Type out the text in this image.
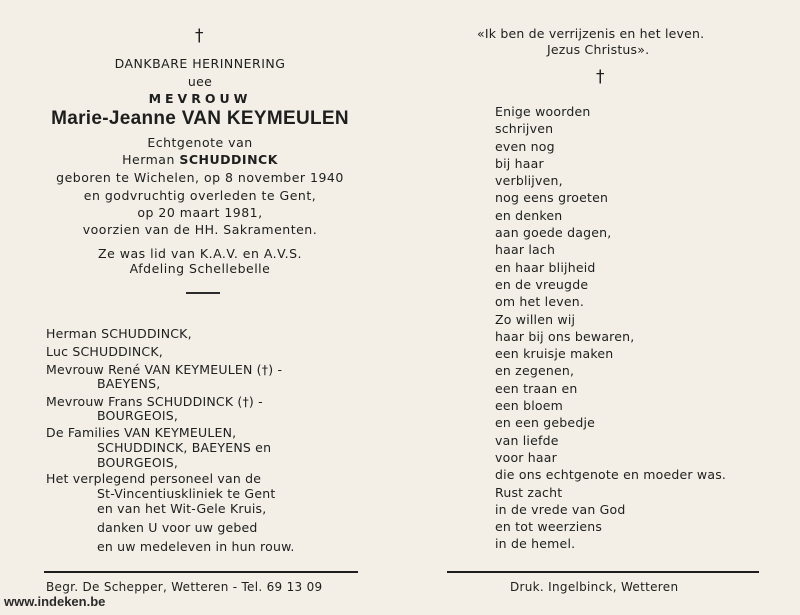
†
DANKBARE HERINNERING
uee
MEVROUW
Marie-Jeanne VAN KEYMEULEN
Echtgenote van
Herman SCHUDDINCK
geboren te Wichelen, op 8 november 1940
en godvruchtig overleden te Gent,
op 20 maart 1981,
voorzien van de HH. Sakramenten.
Ze was lid van K.A.V. en A.V.S.
Afdeling Schellebelle
Herman SCHUDDINCK,
Luc SCHUDDINCK,
Mevrouw René VAN KEYMEULEN (†) -
BAEYENS,
Mevrouw Frans SCHUDDINCK (†) -
BOURGEOIS,
De Families VAN KEYMEULEN,
SCHUDDINCK, BAEYENS en
BOURGEOIS,
Het verplegend personeel van de
St-Vincentiuskliniek te Gent
en van het Wit-Gele Kruis,
danken U voor uw gebed
en uw medeleven in hun rouw.
Begr. De Schepper, Wetteren - Tel. 69 13 09
«Ik ben de verrijzenis en het leven.
Jezus Christus».
†
Enige woorden
schrijven
even nog
bij haar
verblijven,
nog eens groeten
en denken
aan goede dagen,
haar lach
en haar blijheid
en de vreugde
om het leven.
Zo willen wij
haar bij ons bewaren,
een kruisje maken
en zegenen,
een traan en
een bloem
en een gebedje
van liefde
voor haar
die ons echtgenote en moeder was.
Rust zacht
in de vrede van God
en tot weerziens
in de hemel.
Druk. Ingelbinck, Wetteren
www.indeken.be
